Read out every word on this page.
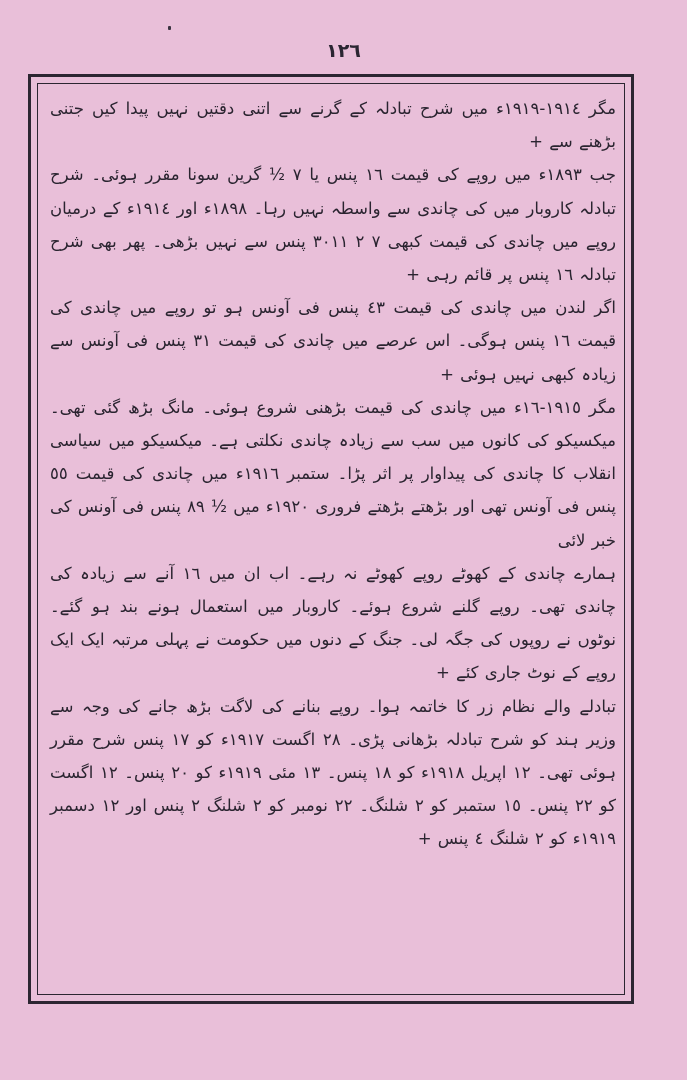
١٢٦

مگر ١٩١٤-١٩١٩ء میں شرح تبادلہ کے گرنے سے اتنی دقتیں نہیں پیدا کیں جتنی بڑھنے سے +

جب ١٨٩٣ء میں روپے کی قیمت ١٦ پنس یا ٧ ½ گرین سونا مقرر ہوئی۔ شرح تبادلہ کاروبار میں کی چاندی سے واسطہ نہیں رہا۔ ١٨٩٨ء اور ١٩١٤ء کے درمیان روپے میں چاندی کی قیمت کبھی ٧ ٢ ٣٠١١ پنس سے نہیں بڑھی۔ پھر بھی شرح تبادلہ ١٦ پنس پر قائم رہی +

اگر لندن میں چاندی کی قیمت ٤٣ پنس فی آونس ہو تو روپے میں چاندی کی قیمت ١٦ پنس ہوگی۔ اس عرصے میں چاندی کی قیمت ٣١ پنس فی آونس سے زیادہ کبھی نہیں ہوئی +

مگر ١٩١٥-١٦ء میں چاندی کی قیمت بڑھنی شروع ہوئی۔ مانگ بڑھ گئی تھی۔ میکسیکو کی کانوں میں سب سے زیادہ چاندی نکلتی ہے۔ میکسیکو میں سیاسی انقلاب کا چاندی کی پیداوار پر اثر پڑا۔ ستمبر ١٩١٦ء میں چاندی کی قیمت ٥٥ پنس فی آونس تھی اور بڑھتے بڑھتے فروری ١٩٢٠ء میں ½ ٨٩ پنس فی آونس کی خبر لائی

ہمارے چاندی کے کھوٹے روپے کھوٹے نہ رہے۔ اب ان میں ١٦ آنے سے زیادہ کی چاندی تھی۔ روپے گلنے شروع ہوئے۔ کاروبار میں استعمال ہونے بند ہو گئے۔ نوٹوں نے روپوں کی جگہ لی۔ جنگ کے دنوں میں حکومت نے پہلی مرتبہ ایک ایک روپے کے نوٹ جاری کئے +

تبادلے والے نظام زر کا خاتمہ ہوا۔ روپے بنانے کی لاگت بڑھ جانے کی وجہ سے وزیر ہند کو شرح تبادلہ بڑھانی پڑی۔ ٢٨ اگست ١٩١٧ء کو ١٧ پنس شرح مقرر ہوئی تھی۔ ١٢ اپریل ١٩١٨ء کو ١٨ پنس۔ ١٣ مئی ١٩١٩ء کو ٢٠ پنس۔ ١٢ اگست کو ٢٢ پنس۔ ١٥ ستمبر کو ٢ شلنگ۔ ٢٢ نومبر کو ٢ شلنگ ٢ پنس اور ١٢ دسمبر ١٩١٩ء کو ٢ شلنگ ٤ پنس +
